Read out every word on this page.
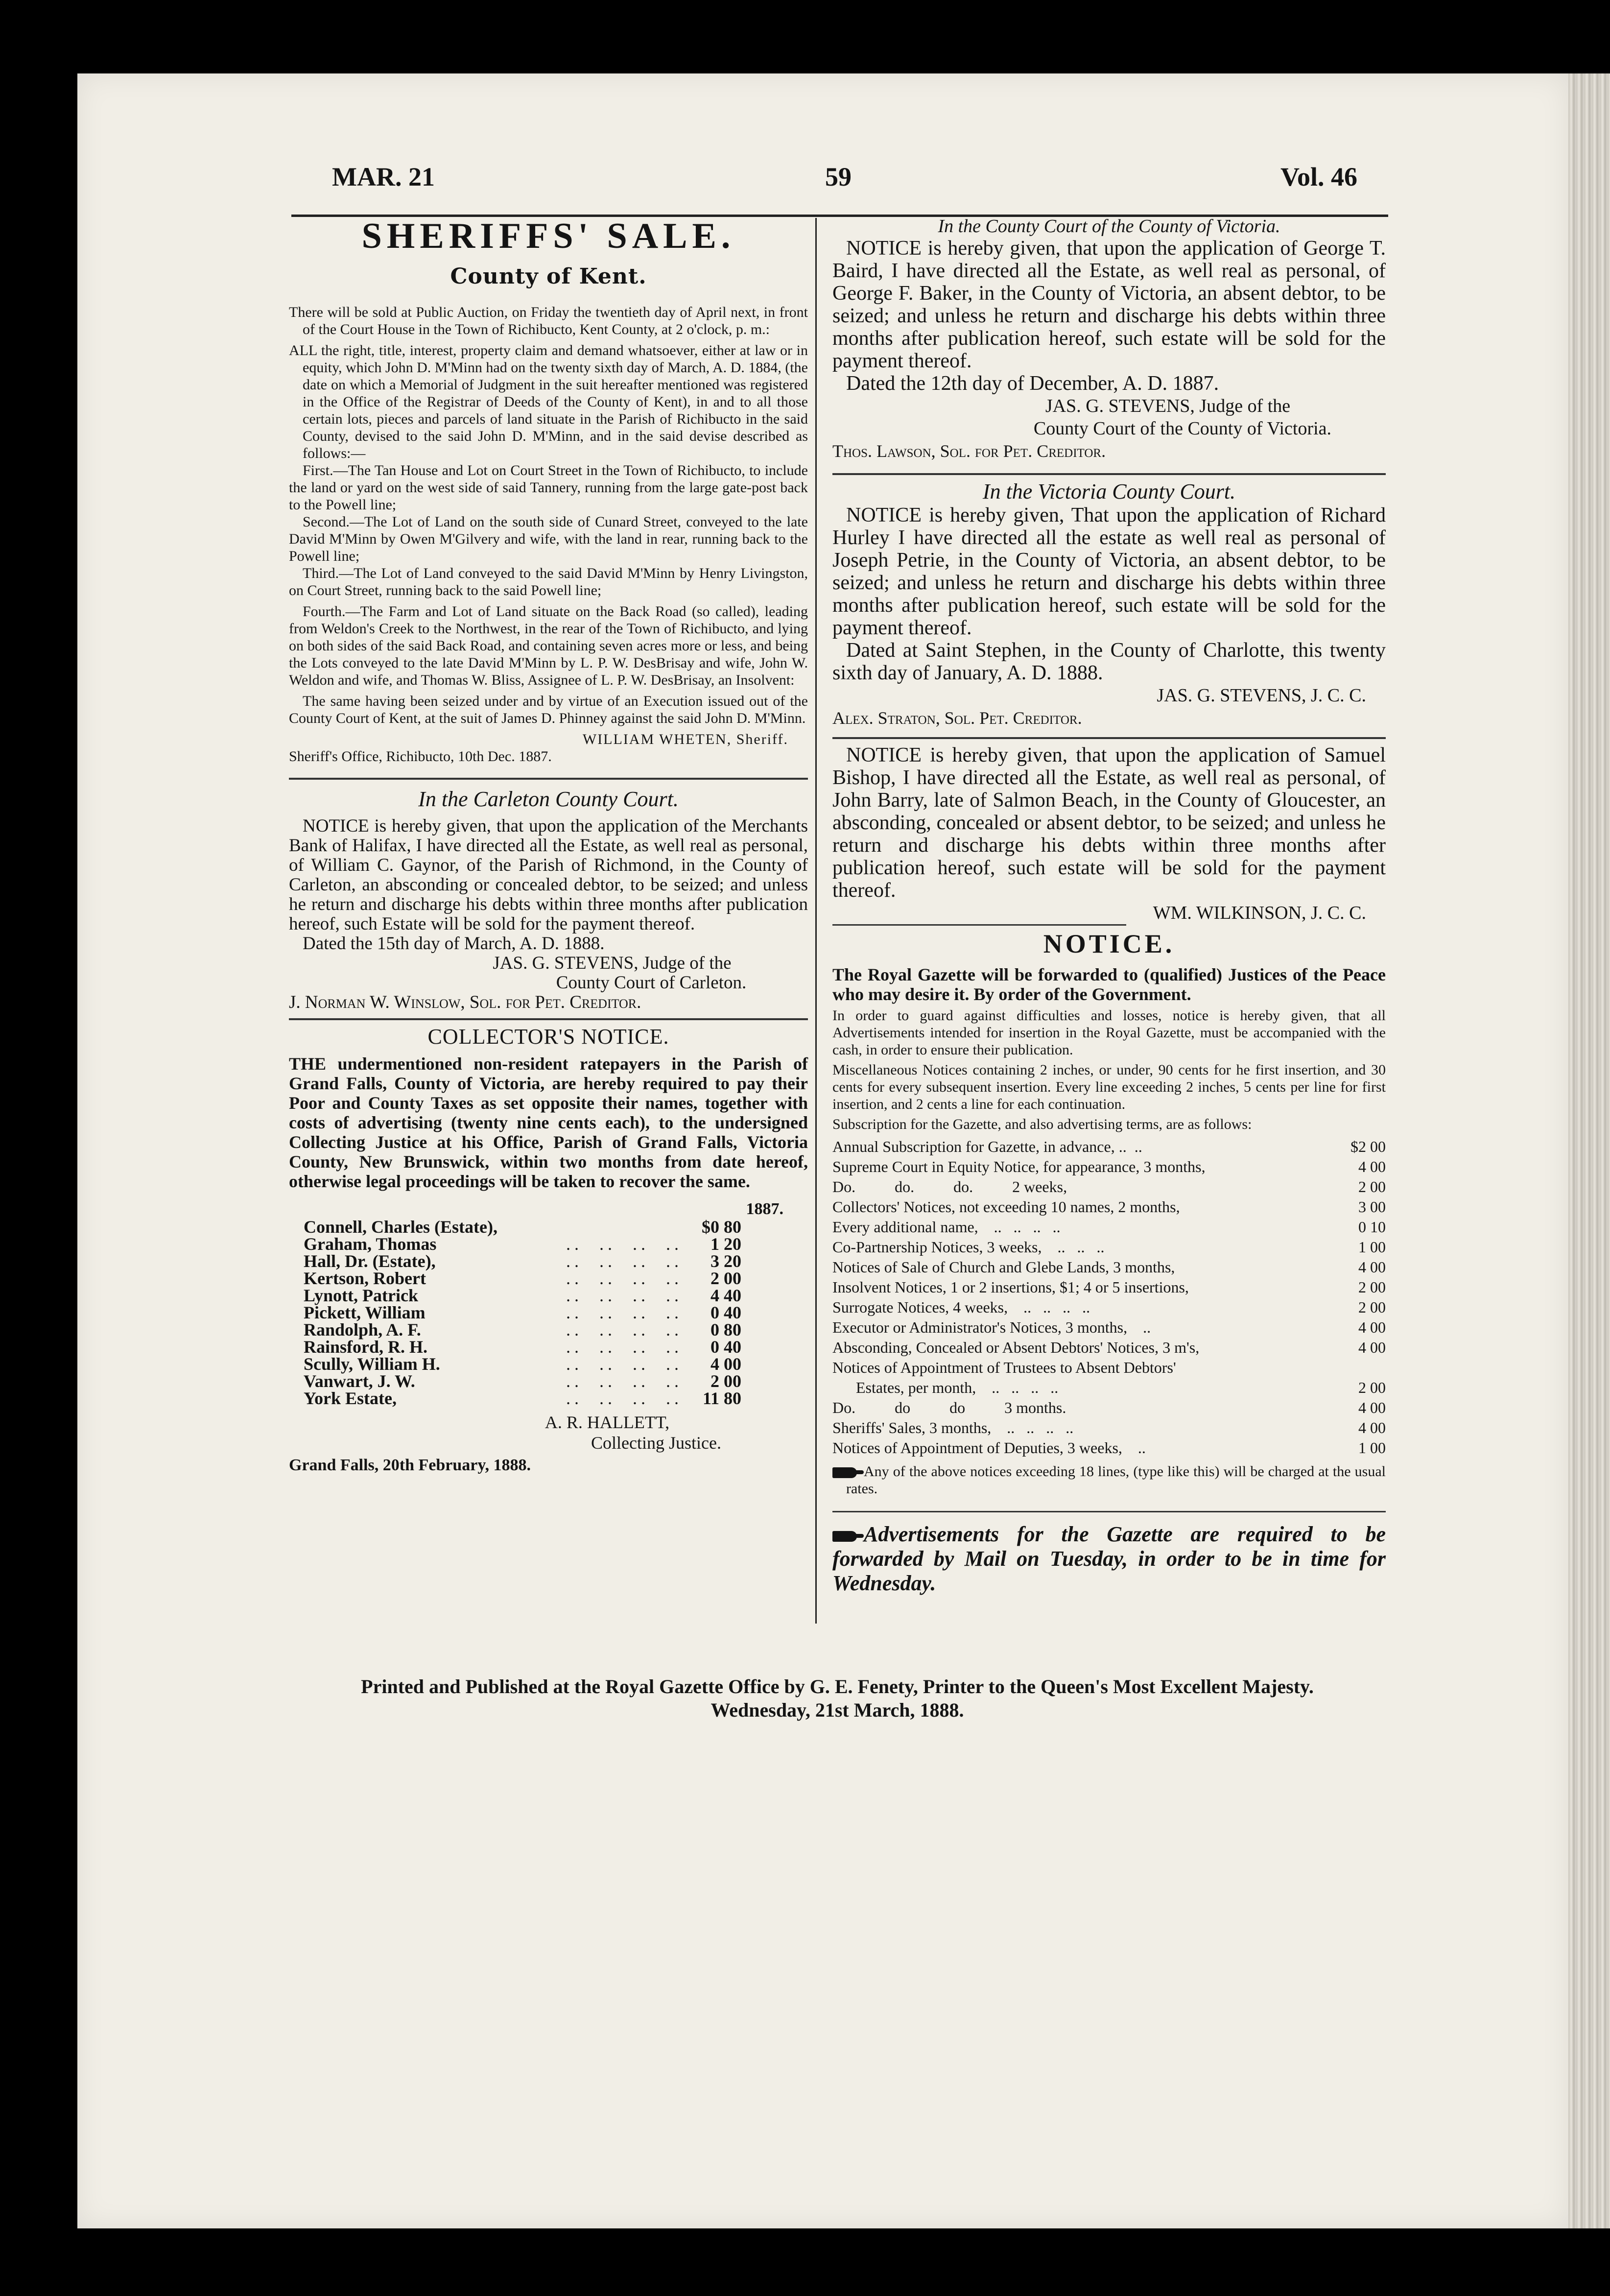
MAR. 21	59	Vol. 46
SHERIFFS' SALE.
County of Kent.

There will be sold at Public Auction, on Friday the twentieth day of April next, in front of the Court House in the Town of Richibucto, Kent County, at 2 o'clock, p. m.:

ALL the right, title, interest, property claim and demand whatsoever, either at law or in equity, which John D. M'Minn had on the twenty sixth day of March, A. D. 1884, (the date on which a Memorial of Judgment in the suit hereafter mentioned was registered in the Office of the Registrar of Deeds of the County of Kent), in and to all those certain lots, pieces and parcels of land situate in the Parish of Richibucto in the said County, devised to the said John D. M'Minn, and in the said devise described as follows:—

First.—The Tan House and Lot on Court Street in the Town of Richibucto, to include the land or yard on the west side of said Tannery, running from the large gate-post back to the Powell line;

Second.—The Lot of Land on the south side of Cunard Street, conveyed to the late David M'Minn by Owen M'Gilvery and wife, with the land in rear, running back to the Powell line;

Third.—The Lot of Land conveyed to the said David M'Minn by Henry Livingston, on Court Street, running back to the said Powell line;

Fourth.—The Farm and Lot of Land situate on the Back Road (so called), leading from Weldon's Creek to the Northwest, in the rear of the Town of Richibucto, and lying on both sides of the said Back Road, and containing seven acres more or less, and being the Lots conveyed to the late David M'Minn by L. P. W. DesBrisay and wife, John W. Weldon and wife, and Thomas W. Bliss, Assignee of L. P. W. DesBrisay, an Insolvent:

The same having been seized under and by virtue of an Execution issued out of the County Court of Kent, at the suit of James D. Phinney against the said John D. M'Minn.

WILLIAM WHETEN, Sheriff.

Sheriff's Office, Richibucto, 10th Dec. 1887.

In the Carleton County Court.

NOTICE is hereby given, that upon the application of the Merchants Bank of Halifax, I have directed all the Estate, as well real as personal, of William C. Gaynor, of the Parish of Richmond, in the County of Carleton, an absconding or concealed debtor, to be seized; and unless he return and discharge his debts within three months after publication hereof, such Estate will be sold for the payment thereof.

Dated the 15th day of March, A. D. 1888.

JAS. G. STEVENS, Judge of the

County Court of Carleton.

J. Norman W. Winslow, Sol. for Pet. Creditor.

COLLECTOR'S NOTICE.
THE undermentioned non-resident ratepayers in the Parish of Grand Falls, County of Victoria, are hereby required to pay their Poor and County Taxes as set opposite their names, together with costs of advertising (twenty nine cents each), to the undersigned Collecting Justice at his Office, Parish of Grand Falls, Victoria County, New Brunswick, within two months from date hereof, otherwise legal proceedings will be taken to recover the same.
1887.
Connell, Charles (Estate),		$0 80
Graham, Thomas	..  ..  ..  ..	1 20
Hall, Dr. (Estate),	..  ..  ..  ..	3 20
Kertson, Robert	..  ..  ..  ..	2 00
Lynott, Patrick	..  ..  ..  ..	4 40
Pickett, William	..  ..  ..  ..	0 40
Randolph, A. F.	..  ..  ..  ..	0 80
Rainsford, R. H.	..  ..  ..  ..	0 40
Scully, William H.	..  ..  ..  ..	4 00
Vanwart, J. W.	..  ..  ..  ..	2 00
York Estate,	..  ..  ..  ..	11 80
A. R. HALLETT,
Collecting Justice.
Grand Falls, 20th February, 1888.
In the County Court of the County of Victoria.

NOTICE is hereby given, that upon the application of George T. Baird, I have directed all the Estate, as well real as personal, of George F. Baker, in the County of Victoria, an absent debtor, to be seized; and unless he return and discharge his debts within three months after publication hereof, such estate will be sold for the payment thereof.

Dated the 12th day of December, A. D. 1887.

JAS. G. STEVENS, Judge of the

County Court of the County of Victoria.

Thos. Lawson, Sol. for Pet. Creditor.

In the Victoria County Court.

NOTICE is hereby given, That upon the application of Richard Hurley I have directed all the estate as well real as personal of Joseph Petrie, in the County of Victoria, an absent debtor, to be seized; and unless he return and discharge his debts within three months after publication hereof, such estate will be sold for the payment thereof.

Dated at Saint Stephen, in the County of Charlotte, this twenty sixth day of January, A. D. 1888.

JAS. G. STEVENS, J. C. C.

Alex. Straton, Sol. Pet. Creditor.

NOTICE is hereby given, that upon the application of Samuel Bishop, I have directed all the Estate, as well real as personal, of John Barry, late of Salmon Beach, in the County of Gloucester, an absconding, concealed or absent debtor, to be seized; and unless he return and discharge his debts within three months after publication hereof, such estate will be sold for the payment thereof.

WM. WILKINSON, J. C. C.

NOTICE.
The Royal Gazette will be forwarded to (qualified) Justices of the Peace who may desire it. By order of the Government.
In order to guard against difficulties and losses, notice is hereby given, that all Advertisements intended for insertion in the Royal Gazette, must be accompanied with the cash, in order to ensure their publication.
Miscellaneous Notices containing 2 inches, or under, 90 cents for he first insertion, and 30 cents for every subsequent insertion. Every line exceeding 2 inches, 5 cents per line for first insertion, and 2 cents a line for each continuation.
Subscription for the Gazette, and also advertising terms, are as follows:
Annual Subscription for Gazette, in advance, ..  ..	$2 00
Supreme Court in Equity Notice, for appearance, 3 months,	4 00
Do.          do.          do.          2 weeks,	2 00
Collectors' Notices, not exceeding 10 names, 2 months,	3 00
Every additional name,    ..   ..   ..   ..	0 10
Co-Partnership Notices, 3 weeks,    ..   ..   ..	1 00
Notices of Sale of Church and Glebe Lands, 3 months,	4 00
Insolvent Notices, 1 or 2 insertions, $1; 4 or 5 insertions,	2 00
Surrogate Notices, 4 weeks,    ..   ..   ..   ..	2 00
Executor or Administrator's Notices, 3 months,    ..	4 00
Absconding, Concealed or Absent Debtors' Notices, 3 m's,	4 00
Notices of Appointment of Trustees to Absent Debtors'	
Estates, per month,    ..   ..   ..   ..	2 00
Do.          do          do          3 months.	4 00
Sheriffs' Sales, 3 months,    ..   ..   ..   ..	4 00
Notices of Appointment of Deputies, 3 weeks,    ..	1 00

Any of the above notices exceeding 18 lines, (type like this) will be charged at the usual rates.

Advertisements for the Gazette are required to be forwarded by Mail on Tuesday, in order to be in time for Wednesday.
Printed and Published at the Royal Gazette Office by G. E. Fenety, Printer to the Queen's Most Excellent Majesty.
Wednesday, 21st March, 1888.
